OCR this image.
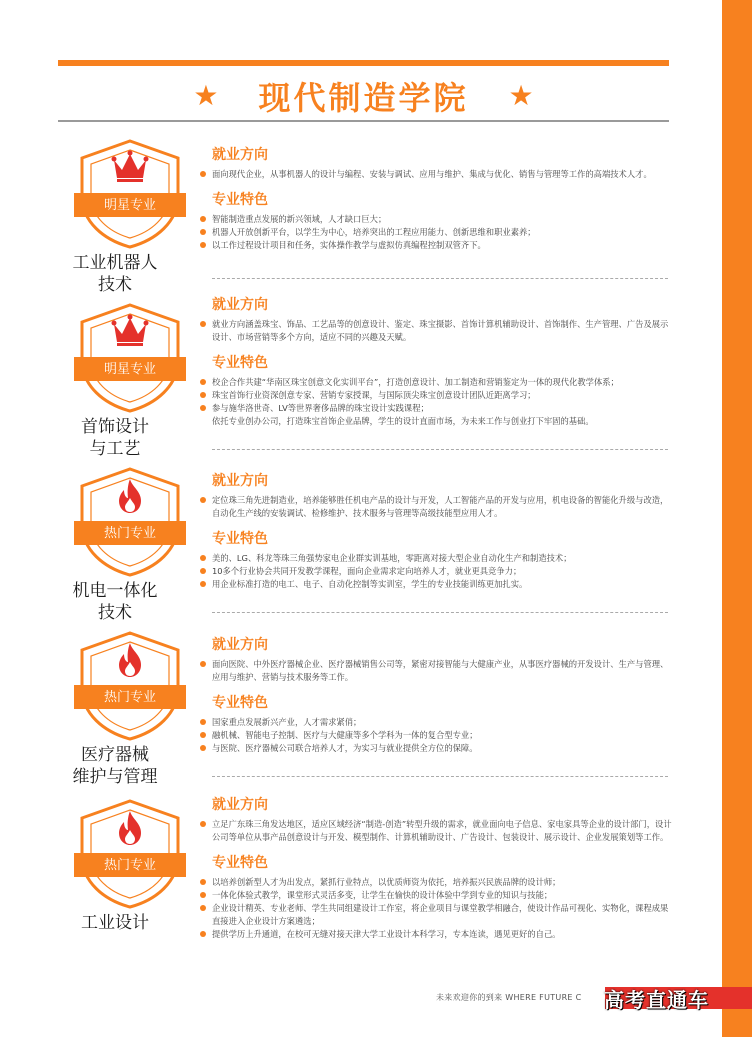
★ 现代制造学院 ★
明星专业
工业机器人
技术
就业方向
面向现代企业，从事机器人的设计与编程、安装与调试、应用与维护、集成与优化、销售与管理等工作的高端技术人才。
专业特色
智能制造重点发展的新兴领域，人才缺口巨大；
机器人开放创新平台，以学生为中心，培养突出的工程应用能力、创新思维和职业素养；
以工作过程设计项目和任务，实体操作教学与虚拟仿真编程控制双管齐下。
明星专业
首饰设计
与工艺
就业方向
就业方向涵盖珠宝、饰品、工艺品等的创意设计、鉴定、珠宝摄影、首饰计算机辅助设计、首饰制作、生产管理、广告及展示设计、市场营销等多个方向，适应不同的兴趣及天赋。
专业特色
校企合作共建“华南区珠宝创意文化实训平台”，打造创意设计、加工制造和营销鉴定为一体的现代化教学体系；
珠宝首饰行业资深创意专家、营销专家授课，与国际顶尖珠宝创意设计团队近距离学习；
参与施华洛世奇、LV等世界奢侈品牌的珠宝设计实践课程；
依托专业创办公司，打造珠宝首饰企业品牌，学生的设计直面市场，为未来工作与创业打下牢固的基础。
热门专业
机电一体化
技术
就业方向
定位珠三角先进制造业，培养能够胜任机电产品的设计与开发，人工智能产品的开发与应用，机电设备的智能化升级与改造，自动化生产线的安装调试、检修维护、技术服务与管理等高级技能型应用人才。
专业特色
美的、LG、科龙等珠三角强势家电企业群实训基地，零距离对接大型企业自动化生产和制造技术；
10多个行业协会共同开发教学课程，面向企业需求定向培养人才，就业更具竞争力；
用企业标准打造的电工、电子、自动化控制等实训室，学生的专业技能训练更加扎实。
热门专业
医疗器械
维护与管理
就业方向
面向医院、中外医疗器械企业、医疗器械销售公司等，紧密对接智能与大健康产业，从事医疗器械的开发设计、生产与管理、应用与维护、营销与技术服务等工作。
专业特色
国家重点发展新兴产业，人才需求紧俏；
融机械、智能电子控制、医疗与大健康等多个学科为一体的复合型专业；
与医院、医疗器械公司联合培养人才，为实习与就业提供全方位的保障。
热门专业
工业设计
就业方向
立足广东珠三角发达地区，适应区域经济“制造-创造”转型升级的需求，就业面向电子信息、家电家具等企业的设计部门，设计公司等单位从事产品创意设计与开发、模型制作、计算机辅助设计、广告设计、包装设计、展示设计、企业发展策划等工作。
专业特色
以培养创新型人才为出发点，紧抓行业特点，以优质师资为依托，培养振兴民族品牌的设计师；
一体化体验式教学，课堂形式灵活多变，让学生在愉快的设计体验中学到专业的知识与技能；
企业设计精英、专业老师、学生共同组建设计工作室，将企业项目与课堂教学相融合，使设计作品可视化、实物化，课程成果直接进入企业设计方案遴选；
提供学历上升通道，在校可无缝对接天津大学工业设计本科学习，专本连读，遇见更好的自己。
未来欢迎你的到来 WHERE FUTURE C 高考直通车
